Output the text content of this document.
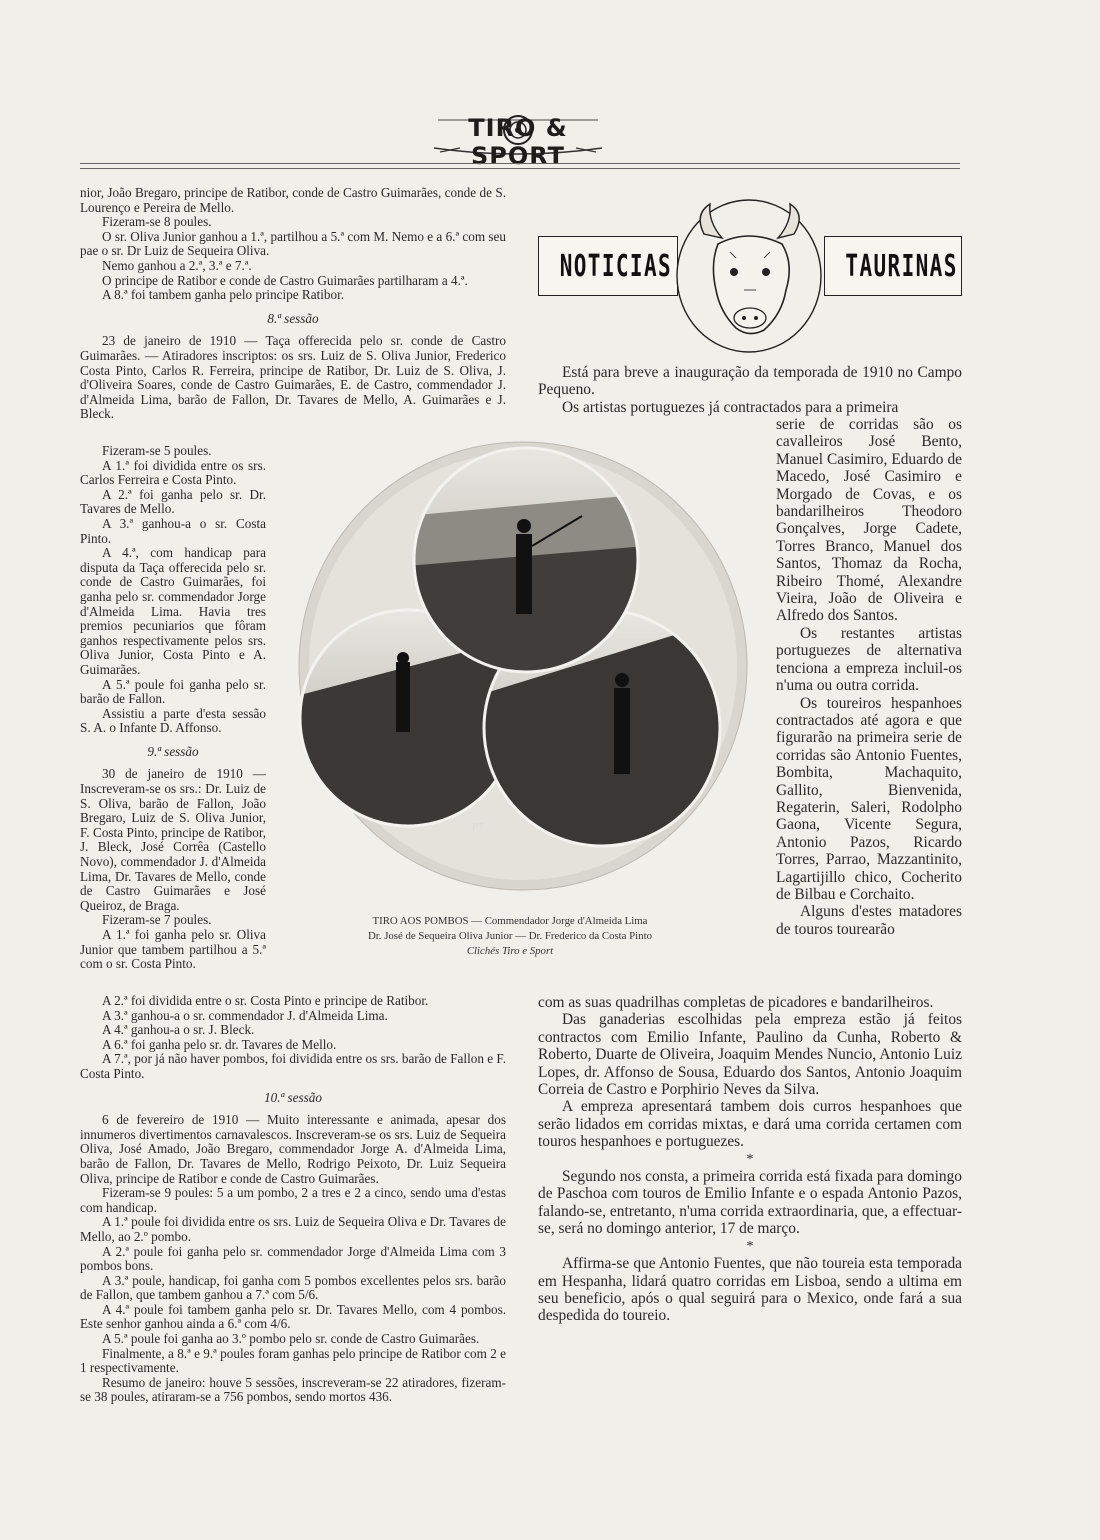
TIRO & SPORT

nior, João Bregaro, principe de Ratibor, conde de Castro Guimarães, conde de S. Lourenço e Pereira de Mello.

Fizeram-se 8 poules.

O sr. Oliva Junior ganhou a 1.ª, partilhou a 5.ª com M. Nemo e a 6.ª com seu pae o sr. Dr Luiz de Sequeira Oliva.

Nemo ganhou a 2.ª, 3.ª e 7.ª.

O principe de Ratibor e conde de Castro Guimarães partilharam a 4.ª.

A 8.ª foi tambem ganha pelo principe Ratibor.

8.ª sessão

23 de janeiro de 1910 — Taça offerecida pelo sr. conde de Castro Guimarães. — Atiradores inscriptos: os srs. Luiz de S. Oliva Junior, Frederico Costa Pinto, Carlos R. Ferreira, principe de Ratibor, Dr. Luiz de S. Oliva, J. d'Oliveira Soares, conde de Castro Guimarães, E. de Castro, commendador J. d'Almeida Lima, barão de Fallon, Dr. Tavares de Mello, A. Guimarães e J. Bleck.

Fizeram-se 5 poules.

A 1.ª foi dividida entre os srs. Carlos Ferreira e Costa Pinto.

A 2.ª foi ganha pelo sr. Dr. Tavares de Mello.

A 3.ª ganhou-a o sr. Costa Pinto.

A 4.ª, com handicap para disputa da Taça offerecida pelo sr. conde de Castro Guimarães, foi ganha pelo sr. commendador Jorge d'Almeida Lima. Havia tres premios pecuniarios que fôram ganhos respectivamente pelos srs. Oliva Junior, Costa Pinto e A. Guimarães.

A 5.ª poule foi ganha pelo sr. barão de Fallon.

Assistiu a parte d'esta sessão S. A. o Infante D. Affonso.

9.ª sessão

30 de janeiro de 1910 — Inscreveram-se os srs.: Dr. Luiz de S. Oliva, barão de Fallon, João Bregaro, Luiz de S. Oliva Junior, F. Costa Pinto, principe de Ratibor, J. Bleck, José Corrêa (Castello Novo), commendador J. d'Almeida Lima, Dr. Tavares de Mello, conde de Castro Guimarães e José Queiroz, de Braga.

Fizeram-se 7 poules.

A 1.ª foi ganha pelo sr. Oliva Junior que tambem partilhou a 5.ª com o sr. Costa Pinto.

A 2.ª foi dividida entre o sr. Costa Pinto e principe de Ratibor.

A 3.ª ganhou-a o sr. commendador J. d'Almeida Lima.

A 4.ª ganhou-a o sr. J. Bleck.

A 6.ª foi ganha pelo sr. dr. Tavares de Mello.

A 7.ª, por já não haver pombos, foi dividida entre os srs. barão de Fallon e F. Costa Pinto.

10.ª sessão

6 de fevereiro de 1910 — Muito interessante e animada, apesar dos innumeros divertimentos carnavalescos. Inscreveram-se os srs. Luiz de Sequeira Oliva, José Amado, João Bregaro, commendador Jorge A. d'Almeida Lima, barão de Fallon, Dr. Tavares de Mello, Rodrigo Peixoto, Dr. Luiz Sequeira Oliva, principe de Ratibor e conde de Castro Guimarães.

Fizeram-se 9 poules: 5 a um pombo, 2 a tres e 2 a cinco, sendo uma d'estas com handicap.

A 1.ª poule foi dividida entre os srs. Luiz de Sequeira Oliva e Dr. Tavares de Mello, ao 2.º pombo.

A 2.ª poule foi ganha pelo sr. commendador Jorge d'Almeida Lima com 3 pombos bons.

A 3.ª poule, handicap, foi ganha com 5 pombos excellentes pelos srs. barão de Fallon, que tambem ganhou a 7.ª com 5/6.

A 4.ª poule foi tambem ganha pelo sr. Dr. Tavares Mello, com 4 pombos. Este senhor ganhou ainda a 6.ª com 4/6.

A 5.ª poule foi ganha ao 3.º pombo pelo sr. conde de Castro Guimarães.

Finalmente, a 8.ª e 9.ª poules foram ganhas pelo principe de Ratibor com 2 e 1 respectivamente.

Resumo de janeiro: houve 5 sessões, inscreveram-se 22 atiradores, fizeram-se 38 poules, atiraram-se a 756 pombos, sendo mortos 436.

PT
TIRO AOS POMBOS — Commendador Jorge d'Almeida Lima
Dr. José de Sequeira Oliva Junior — Dr. Frederico da Costa Pinto
Clichés Tiro e Sport
NOTICIAS	TAURINAS

Está para breve a inauguração da temporada de 1910 no Campo Pequeno.

Os artistas portuguezes já contractados para a primeira

serie de corridas são os cavalleiros José Bento, Manuel Casimiro, Eduardo de Macedo, José Casimiro e Morgado de Covas, e os bandarilheiros Theodoro Gonçalves, Jorge Cadete, Torres Branco, Manuel dos Santos, Thomaz da Rocha, Ribeiro Thomé, Alexandre Vieira, João de Oliveira e Alfredo dos Santos.

Os restantes artistas portuguezes de alternativa tenciona a empreza incluil-os n'uma ou outra corrida.

Os toureiros hespanhoes contractados até agora e que figurarão na primeira serie de corridas são Antonio Fuentes, Bombita, Machaquito, Gallito, Bienvenida, Regaterin, Saleri, Rodolpho Gaona, Vicente Segura, Antonio Pazos, Ricardo Torres, Parrao, Mazzantinito, Lagartijillo chico, Cocherito de Bilbau e Corchaito.

Alguns d'estes matadores de touros tourearão

com as suas quadrilhas completas de picadores e bandarilheiros.

Das ganaderias escolhidas pela empreza estão já feitos contractos com Emilio Infante, Paulino da Cunha, Roberto & Roberto, Duarte de Oliveira, Joaquim Mendes Nuncio, Antonio Luiz Lopes, dr. Affonso de Sousa, Eduardo dos Santos, Antonio Joaquim Correia de Castro e Porphirio Neves da Silva.

A empreza apresentará tambem dois curros hespanhoes que serão lidados em corridas mixtas, e dará uma corrida certamen com touros hespanhoes e portuguezes.

*

Segundo nos consta, a primeira corrida está fixada para domingo de Paschoa com touros de Emilio Infante e o espada Antonio Pazos, falando-se, entretanto, n'uma corrida extraordinaria, que, a effectuar-se, será no domingo anterior, 17 de março.

*

Affirma-se que Antonio Fuentes, que não toureia esta temporada em Hespanha, lidará quatro corridas em Lisboa, sendo a ultima em seu beneficio, após o qual seguirá para o Mexico, onde fará a sua despedida do toureio.
